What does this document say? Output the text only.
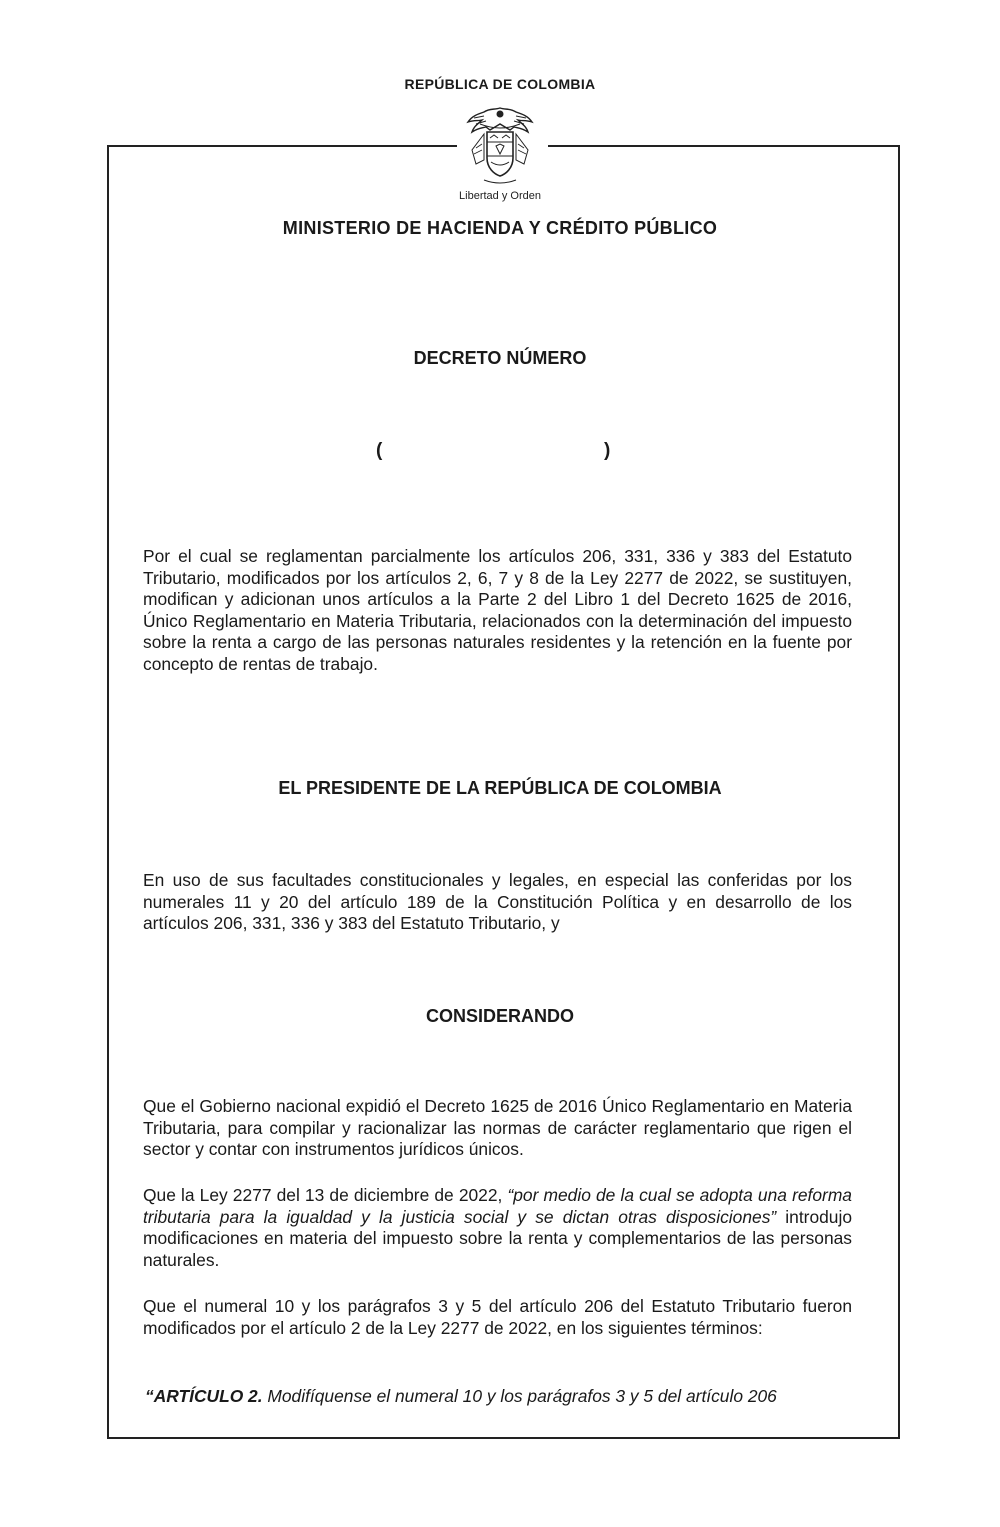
REPÚBLICA DE COLOMBIA
Libertad y Orden
MINISTERIO DE HACIENDA Y CRÉDITO PÚBLICO
DECRETO NÚMERO
(	)

Por el cual se reglamentan parcialmente los artículos 206, 331, 336 y 383 del Estatuto Tributario, modificados por los artículos 2, 6, 7 y 8 de la Ley 2277 de 2022, se sustituyen, modifican y adicionan unos artículos a la Parte 2 del Libro 1 del Decreto 1625 de 2016, Único Reglamentario en Materia Tributaria, relacionados con la determinación del impuesto sobre la renta a cargo de las personas naturales residentes y la retención en la fuente por concepto de rentas de trabajo.

EL PRESIDENTE DE LA REPÚBLICA DE COLOMBIA

En uso de sus facultades constitucionales y legales, en especial las conferidas por los numerales 11 y 20 del artículo 189 de la Constitución Política y en desarrollo de los artículos 206, 331, 336 y 383 del Estatuto Tributario, y

CONSIDERANDO

Que el Gobierno nacional expidió el Decreto 1625 de 2016 Único Reglamentario en Materia Tributaria, para compilar y racionalizar las normas de carácter reglamentario que rigen el sector y contar con instrumentos jurídicos únicos.

Que la Ley 2277 del 13 de diciembre de 2022, “por medio de la cual se adopta una reforma tributaria para la igualdad y la justicia social y se dictan otras disposiciones” introdujo modificaciones en materia del impuesto sobre la renta y complementarios de las personas naturales.

Que el numeral 10 y los parágrafos 3 y 5 del artículo 206 del Estatuto Tributario fueron modificados por el artículo 2 de la Ley 2277 de 2022, en los siguientes términos:

“ARTÍCULO 2. Modifíquense el numeral 10 y los parágrafos 3 y 5 del artículo 206
